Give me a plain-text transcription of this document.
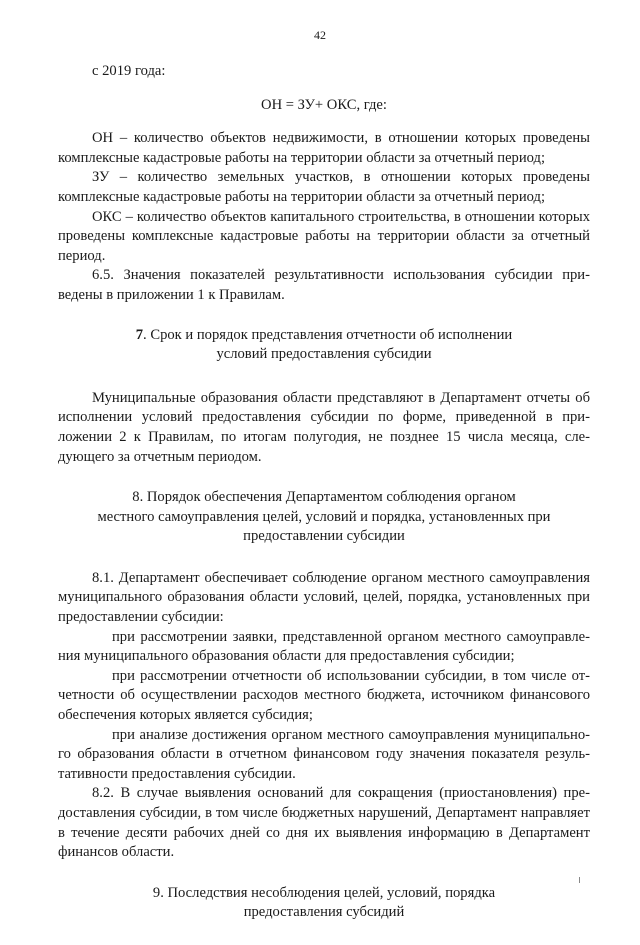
42

с 2019 года:

ОН = ЗУ+ ОКС, где:

ОН – количество объектов недвижимости, в отношении которых проведены комплексные кадастровые работы на территории области за отчетный период;

ЗУ – количество земельных участков, в отношении которых проведены комплексные кадастровые работы на территории области за отчетный период;

ОКС – количество объектов капитального строительства, в отношении которых проведены комплексные кадастровые работы на территории области за отчетный период.

6.5. Значения показателей результативности использования субсидии приведены в приложении 1 к Правилам.

7. Срок и порядок представления отчетности об исполнении
условий предоставления субсидии

Муниципальные образования области представляют в Департамент отчеты об исполнении условий предоставления субсидии по форме, приведенной в приложении 2 к Правилам, по итогам полугодия, не позднее 15 числа месяца, следующего за отчетным периодом.

8. Порядок обеспечения Департаментом соблюдения органом
местного самоуправления целей, условий и порядка, установленных при
предоставлении субсидии

8.1. Департамент обеспечивает соблюдение органом местного самоуправления муниципального образования области условий, целей, порядка, установленных при предоставлении субсидии:

при рассмотрении заявки, представленной органом местного самоуправления муниципального образования области для предоставления субсидии;

при рассмотрении отчетности об использовании субсидии, в том числе отчетности об осуществлении расходов местного бюджета, источником финансового обеспечения которых является субсидия;

при анализе достижения органом местного самоуправления муниципального образования области в отчетном финансовом году значения показателя результативности предоставления субсидии.

8.2. В случае выявления оснований для сокращения (приостановления) предоставления субсидии, в том числе бюджетных нарушений, Департамент направляет в течение десяти рабочих дней со дня их выявления информацию в Департамент финансов области.

9. Последствия несоблюдения целей, условий, порядка
предоставления субсидий
